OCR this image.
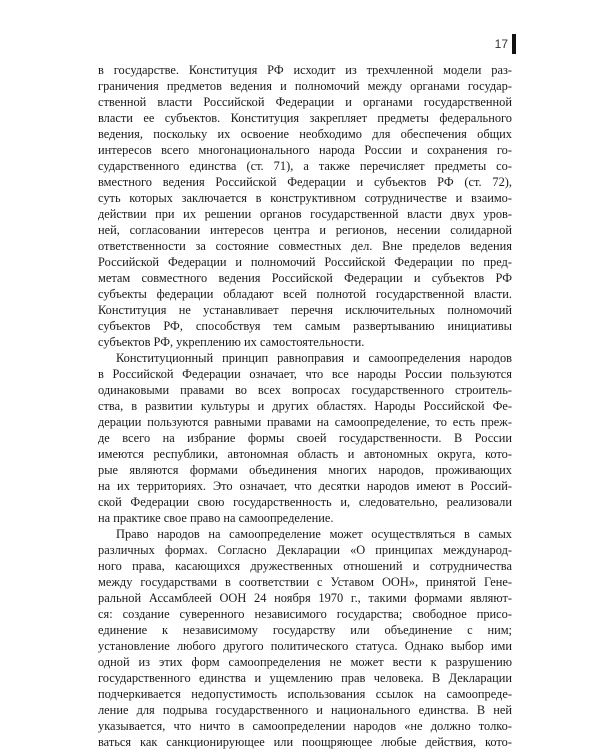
17
в государстве. Конституция РФ исходит из трехчленной модели раз-
граничения предметов ведения и полномочий между органами государ-
ственной власти Российской Федерации и органами государственной
власти ее субъектов. Конституция закрепляет предметы федерального
ведения, поскольку их освоение необходимо для обеспечения общих
интересов всего многонационального народа России и сохранения го-
сударственного единства (ст. 71), а также перечисляет предметы со-
вместного ведения Российской Федерации и субъектов РФ (ст. 72),
суть которых заключается в конструктивном сотрудничестве и взаимо-
действии при их решении органов государственной власти двух уров-
ней, согласовании интересов центра и регионов, несении солидарной
ответственности за состояние совместных дел. Вне пределов ведения
Российской Федерации и полномочий Российской Федерации по пред-
метам совместного ведения Российской Федерации и субъектов РФ
субъекты федерации обладают всей полнотой государственной власти.
Конституция не устанавливает перечня исключительных полномочий
субъектов РФ, способствуя тем самым развертыванию инициативы
субъектов РФ, укреплению их самостоятельности.
Конституционный принцип равноправия и самоопределения народов
в Российской Федерации означает, что все народы России пользуются
одинаковыми правами во всех вопросах государственного строитель-
ства, в развитии культуры и других областях. Народы Российской Фе-
дерации пользуются равными правами на самоопределение, то есть преж-
де всего на избрание формы своей государственности. В России
имеются республики, автономная область и автономных округа, кото-
рые являются формами объединения многих народов, проживающих
на их территориях. Это означает, что десятки народов имеют в Россий-
ской Федерации свою государственность и, следовательно, реализовали
на практике свое право на самоопределение.
Право народов на самоопределение может осуществляться в самых
различных формах. Согласно Декларации «О принципах международ-
ного права, касающихся дружественных отношений и сотрудничества
между государствами в соответствии с Уставом ООН», принятой Гене-
ральной Ассамблеей ООН 24 ноября 1970 г., такими формами являют-
ся: создание суверенного независимого государства; свободное присо-
единение к независимому государству или объединение с ним;
установление любого другого политического статуса. Однако выбор ими
одной из этих форм самоопределения не может вести к разрушению
государственного единства и ущемлению прав человека. В Декларации
подчеркивается недопустимость использования ссылок на самоопреде-
ление для подрыва государственного и национального единства. В ней
указывается, что ничто в самоопределении народов «не должно толко-
ваться как санкционирующее или поощряющее любые действия, кото-
